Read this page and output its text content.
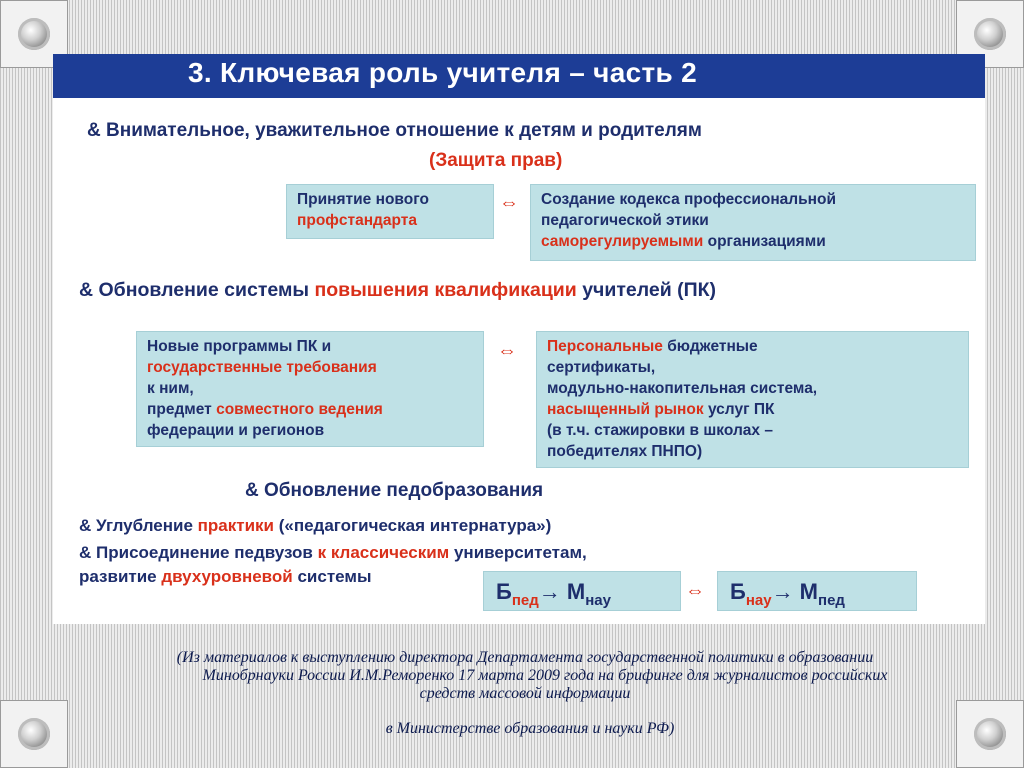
3. Ключевая роль учителя – часть 2
& Внимательное, уважительное отношение к детям и родителям
(Защита прав)
Принятие нового
профстандарта
⇔ Создание кодекса профессиональной
педагогической этики
саморегулируемыми организациями
& Обновление системы повышения квалификации учителей (ПК)
Новые программы ПК и
государственные требования
к ним,
предмет совместного ведения
федерации и регионов
⇔ Персональные бюджетные
сертификаты,
модульно-накопительная система,
насыщенный рынок услуг ПК
(в т.ч. стажировки в школах –
победителях ПНПО)
& Обновление педобразования
& Углубление практики («педагогическая интернатура»)
& Присоединение педвузов к классическим университетам,
развитие двухуровневой системы
$Б_{пед}\to М_{нау}$	⇔	$Б_{нау}\to М_{пед}$
(Из материалов к выступлению директора Департамента государственной политики в образовании
Минобрнауки России И.М.Реморенко 17 марта 2009 года на брифинге для журналистов российских
средств массовой информации
в Министерстве образования и науки РФ)
